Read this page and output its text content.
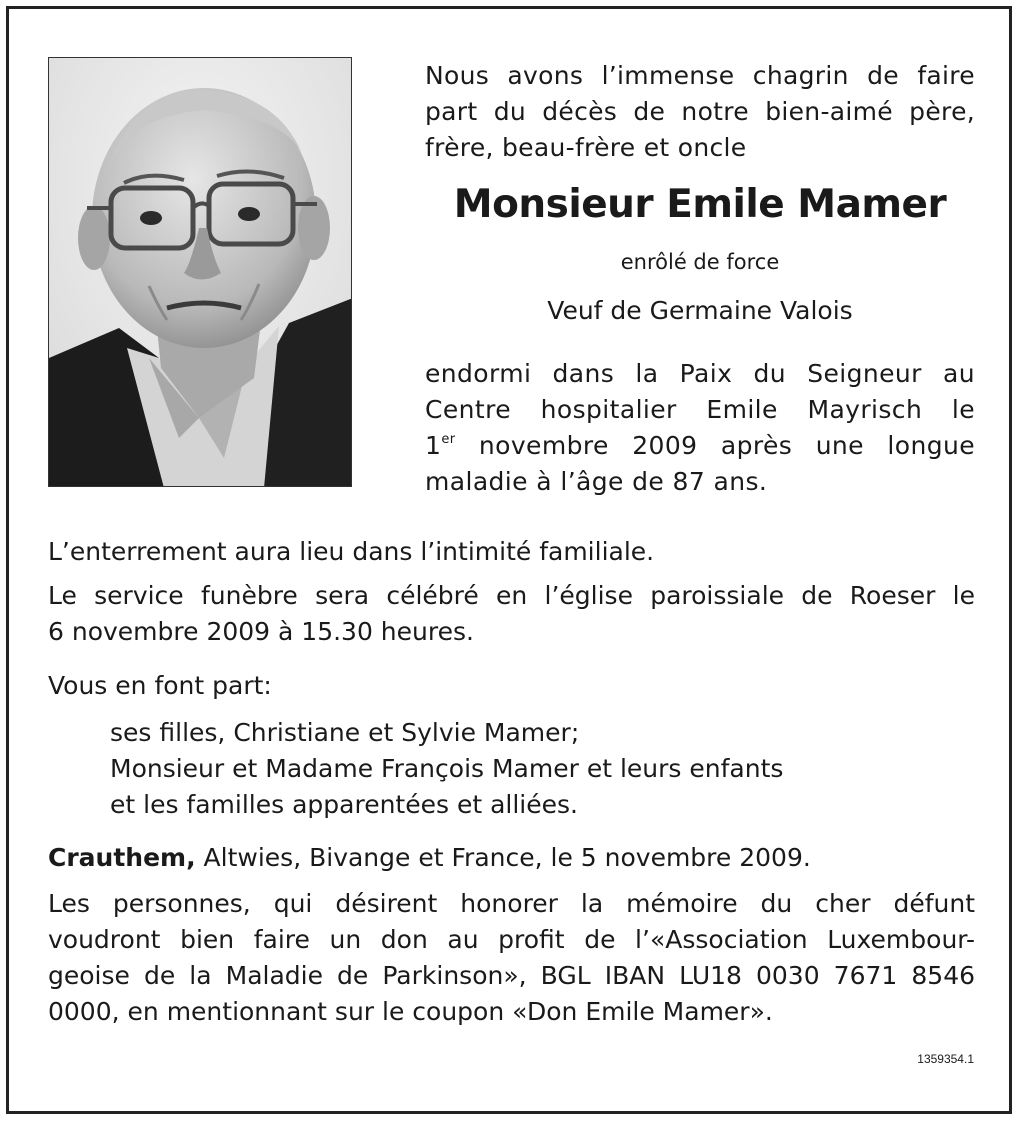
Nous avons l’immense chagrin de faire
part du décès de notre bien-aimé père,
frère, beau-frère et oncle
Monsieur Emile Mamer
enrôlé de force
Veuf de Germaine Valois
endormi dans la Paix du Seigneur au
Centre hospitalier Emile Mayrisch le
1er novembre 2009 après une longue
maladie à l’âge de 87 ans.
L’enterrement aura lieu dans l’intimité familiale.
Le service funèbre sera célébré en l’église paroissiale de Roeser le
6 novembre 2009 à 15.30 heures.
Vous en font part:
ses filles, Christiane et Sylvie Mamer;
Monsieur et Madame François Mamer et leurs enfants
et les familles apparentées et alliées.
Crauthem, Altwies, Bivange et France, le 5 novembre 2009.
Les personnes, qui désirent honorer la mémoire du cher défunt
voudront bien faire un don au profit de l’«Association Luxembour-
geoise de la Maladie de Parkinson», BGL IBAN LU18 0030 7671 8546
0000, en mentionnant sur le coupon «Don Emile Mamer».
1359354.1
